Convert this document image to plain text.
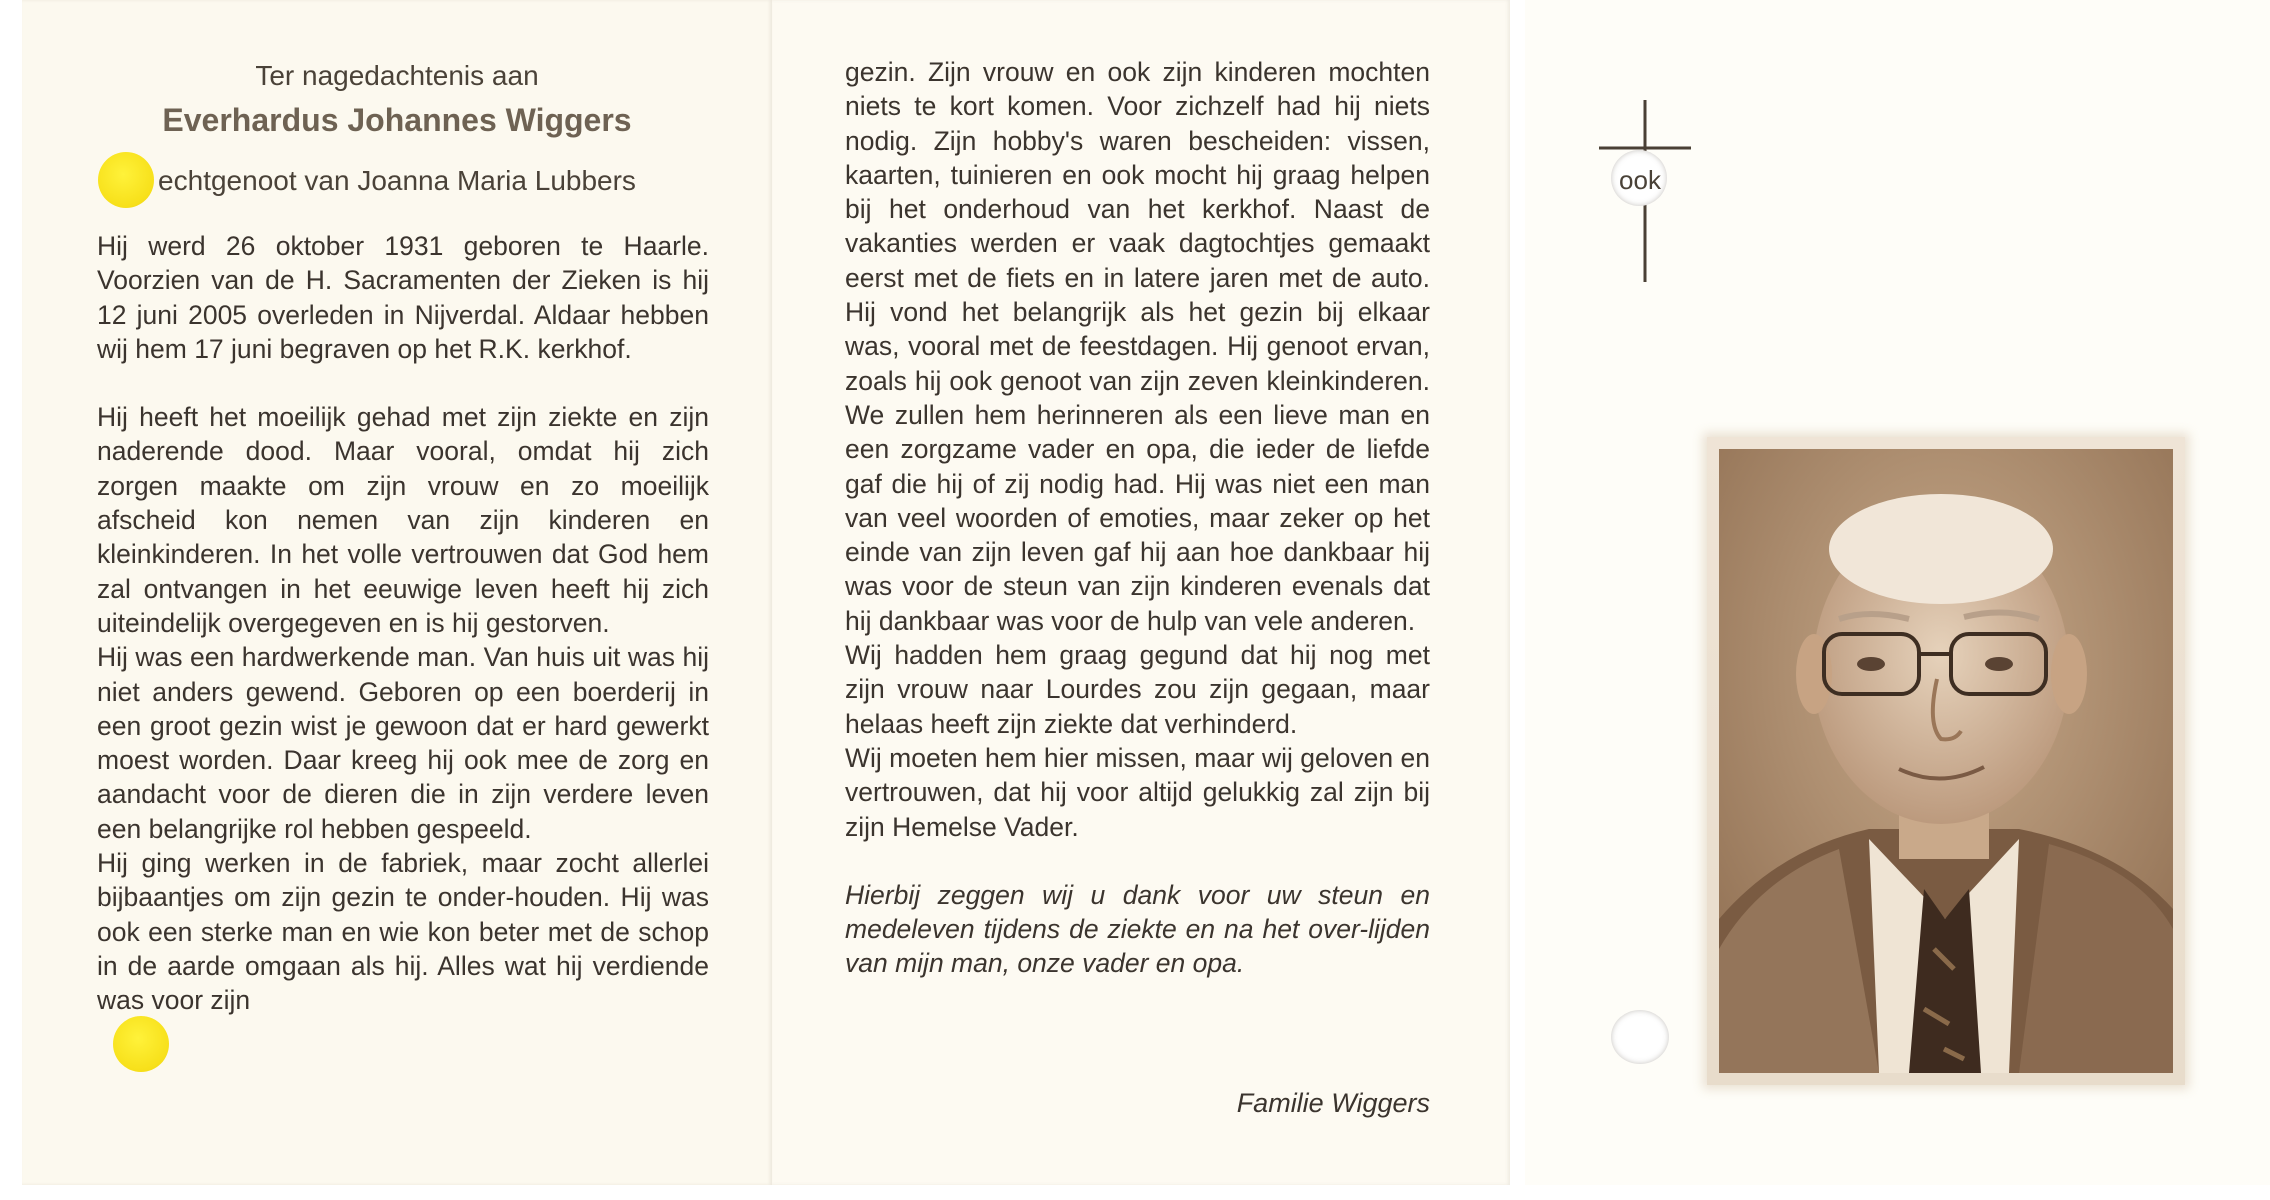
Ter nagedachtenis aan
Everhardus Johannes Wiggers
echtgenoot van Joanna Maria Lubbers

Hij werd 26 oktober 1931 geboren te Haarle. Voorzien van de H. Sacramenten der Zieken is hij 12 juni 2005 overleden in Nijverdal. Aldaar hebben wij hem 17 juni begraven op het R.K. kerkhof.

Hij heeft het moeilijk gehad met zijn ziekte en zijn naderende dood. Maar vooral, omdat hij zich zorgen maakte om zijn vrouw en zo moeilijk afscheid kon nemen van zijn kinderen en kleinkinderen. In het volle vertrouwen dat God hem zal ontvangen in het eeuwige leven heeft hij zich uiteindelijk overgegeven en is hij gestorven.

Hij was een hardwerkende man. Van huis uit was hij niet anders gewend. Geboren op een boerderij in een groot gezin wist je gewoon dat er hard gewerkt moest worden. Daar kreeg hij ook mee de zorg en aandacht voor de dieren die in zijn verdere leven een belangrijke rol hebben gespeeld.

Hij ging werken in de fabriek, maar zocht allerlei bijbaantjes om zijn gezin te onder-houden. Hij was ook een sterke man en wie kon beter met de schop in de aarde omgaan als hij. Alles wat hij verdiende was voor zijn

gezin. Zijn vrouw en ook zijn kinderen mochten niets te kort komen. Voor zichzelf had hij niets nodig. Zijn hobby's waren bescheiden: vissen, kaarten, tuinieren en ook mocht hij graag helpen bij het onderhoud van het kerkhof. Naast de vakanties werden er vaak dagtochtjes gemaakt eerst met de fiets en in latere jaren met de auto. Hij vond het belangrijk als het gezin bij elkaar was, vooral met de feestdagen. Hij genoot ervan, zoals hij ook genoot van zijn zeven kleinkinderen. We zullen hem herinneren als een lieve man en een zorgzame vader en opa, die ieder de liefde gaf die hij of zij nodig had. Hij was niet een man van veel woorden of emoties, maar zeker op het einde van zijn leven gaf hij aan hoe dankbaar hij was voor de steun van zijn kinderen evenals dat hij dankbaar was voor de hulp van vele anderen.

Wij hadden hem graag gegund dat hij nog met zijn vrouw naar Lourdes zou zijn gegaan, maar helaas heeft zijn ziekte dat verhinderd.

Wij moeten hem hier missen, maar wij geloven en vertrouwen, dat hij voor altijd gelukkig zal zijn bij zijn Hemelse Vader.

Hierbij zeggen wij u dank voor uw steun en medeleven tijdens de ziekte en na het over-lijden van mijn man, onze vader en opa.

Familie Wiggers
ook
